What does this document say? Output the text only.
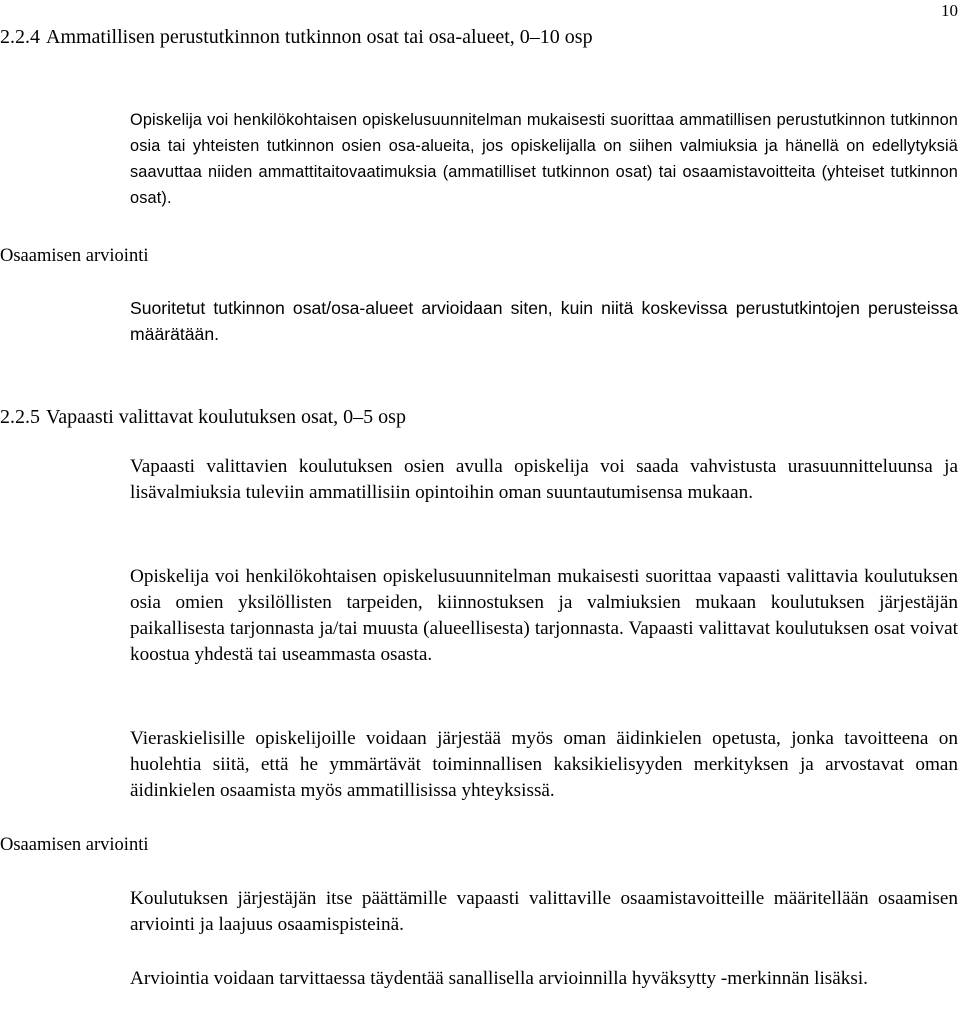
10
2.2.4 Ammatillisen perustutkinnon tutkinnon osat tai osa-alueet, 0–10 osp

Opiskelija voi henkilökohtaisen opiskelusuunnitelman mukaisesti suorittaa ammatillisen perustutkinnon tutkinnon osia tai yhteisten tutkinnon osien osa-alueita, jos opiskelijalla on siihen valmiuksia ja hänellä on edellytyksiä saavuttaa niiden ammattitaitovaatimuksia (ammatilliset tutkinnon osat) tai osaamistavoitteita (yhteiset tutkinnon osat).

Osaamisen arviointi

Suoritetut tutkinnon osat/osa-alueet arvioidaan siten, kuin niitä koskevissa perustutkintojen perusteissa määrätään.

2.2.5 Vapaasti valittavat koulutuksen osat, 0–5 osp

Vapaasti valittavien koulutuksen osien avulla opiskelija voi saada vahvistusta urasuunnitteluunsa ja lisävalmiuksia tuleviin ammatillisiin opintoihin oman suuntautumisensa mukaan.

Opiskelija voi henkilökohtaisen opiskelusuunnitelman mukaisesti suorittaa vapaasti valittavia koulutuksen osia omien yksilöllisten tarpeiden, kiinnostuksen ja valmiuksien mukaan koulutuksen järjestäjän paikallisesta tarjonnasta ja/tai muusta (alueellisesta) tarjonnasta. Vapaasti valittavat koulutuksen osat voivat koostua yhdestä tai useammasta osasta.

Vieraskielisille opiskelijoille voidaan järjestää myös oman äidinkielen opetusta, jonka tavoitteena on huolehtia siitä, että he ymmärtävät toiminnallisen kaksikielisyyden merkityksen ja arvostavat oman äidinkielen osaamista myös ammatillisissa yhteyksissä.

Osaamisen arviointi

Koulutuksen järjestäjän itse päättämille vapaasti valittaville osaamistavoitteille määritellään osaamisen arviointi ja laajuus osaamispisteinä.

Arviointia voidaan tarvittaessa täydentää sanallisella arvioinnilla hyväksytty -merkinnän lisäksi.
